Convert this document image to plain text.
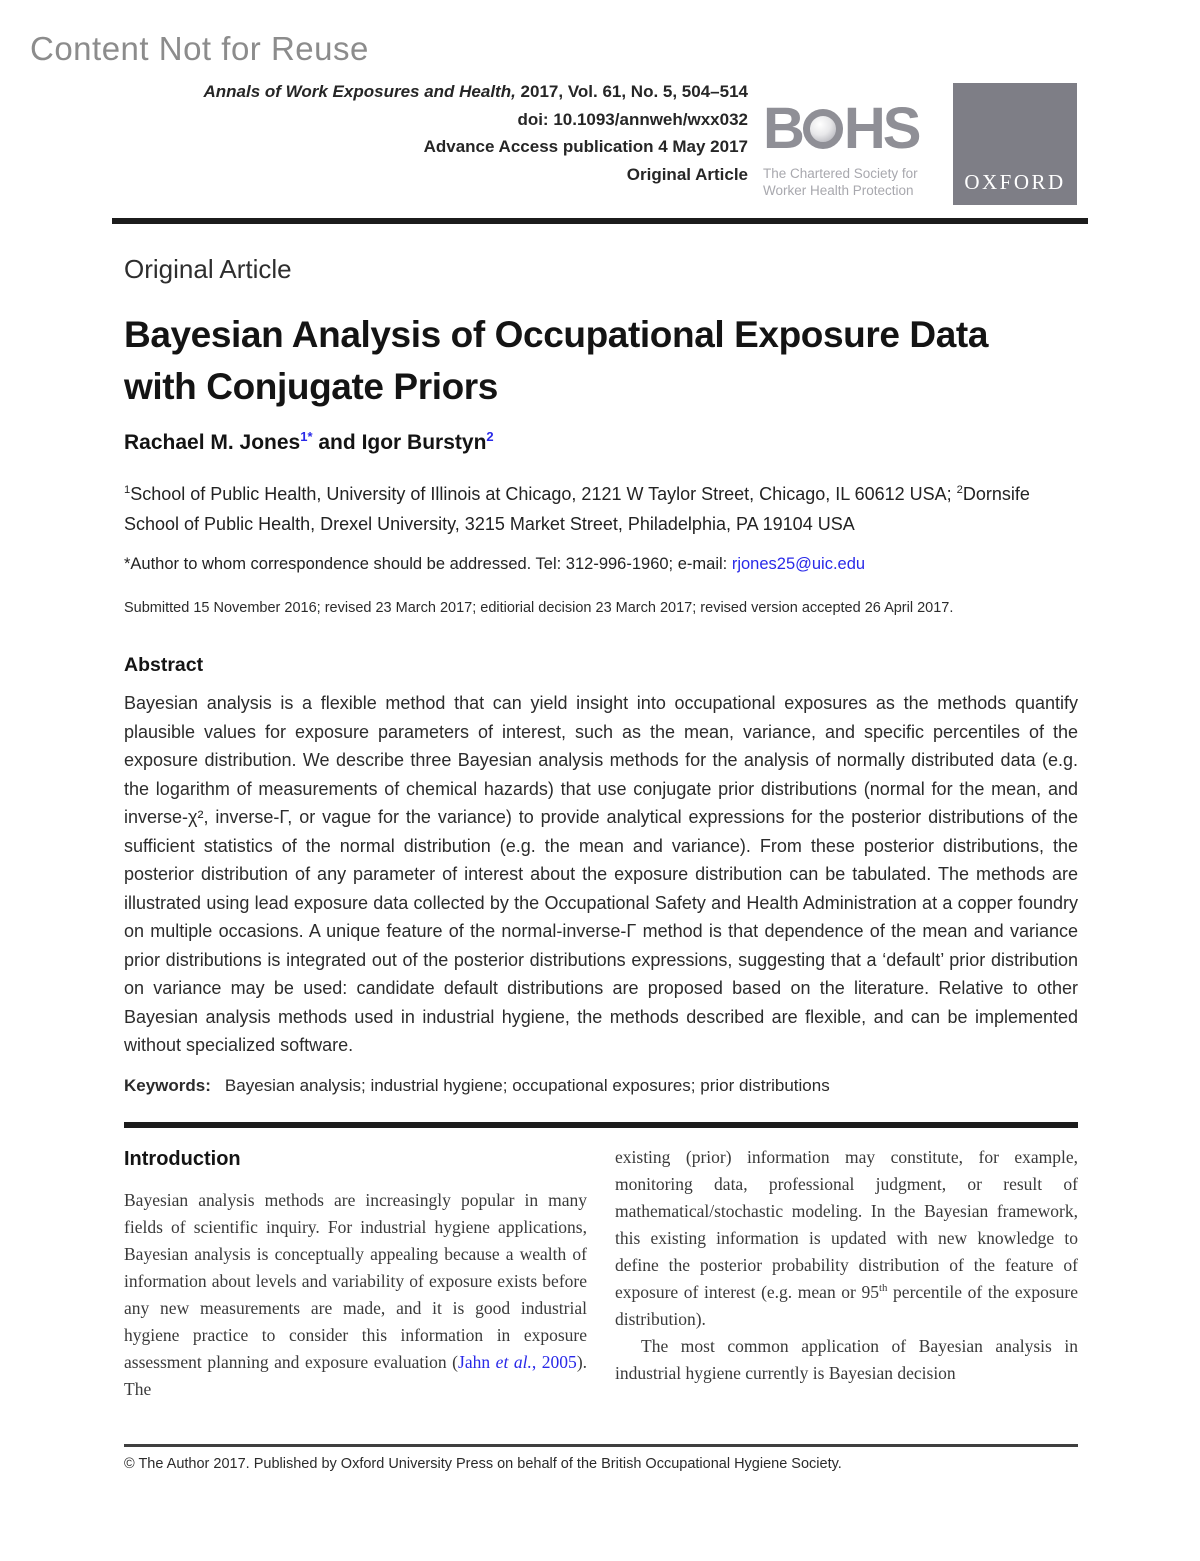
Content Not for Reuse
Annals of Work Exposures and Health, 2017, Vol. 61, No. 5, 504–514
doi: 10.1093/annweh/wxx032
Advance Access publication 4 May 2017
Original Article
B HS
The Chartered Society for
Worker Health Protection OXFORD
Original Article
Bayesian Analysis of Occupational Exposure Data
with Conjugate Priors
Rachael M. Jones$^{1*}$ and Igor Burstyn$^2$
$^1$School of Public Health, University of Illinois at Chicago, 2121 W Taylor Street, Chicago, IL 60612 USA; $^2$Dornsife School of Public Health, Drexel University, 3215 Market Street, Philadelphia, PA 19104 USA
*Author to whom correspondence should be addressed. Tel: 312-996-1960; e-mail: rjones25@uic.edu
Submitted 15 November 2016; revised 23 March 2017; editiorial decision 23 March 2017; revised version accepted 26 April 2017.
Abstract
Bayesian analysis is a flexible method that can yield insight into occupational exposures as the methods quantify plausible values for exposure parameters of interest, such as the mean, variance, and specific percentiles of the exposure distribution. We describe three Bayesian analysis methods for the analysis of normally distributed data (e.g. the logarithm of measurements of chemical hazards) that use conjugate prior distributions (normal for the mean, and inverse-χ², inverse-Γ, or vague for the variance) to provide analytical expressions for the posterior distributions of the sufficient statistics of the normal distribution (e.g. the mean and variance). From these posterior distributions, the posterior distribution of any parameter of interest about the exposure distribution can be tabulated. The methods are illustrated using lead exposure data collected by the Occupational Safety and Health Administration at a copper foundry on multiple occasions. A unique feature of the normal-inverse-Γ method is that dependence of the mean and variance prior distributions is integrated out of the posterior distributions expressions, suggesting that a ‘default’ prior distribution on variance may be used: candidate default distributions are proposed based on the literature. Relative to other Bayesian analysis methods used in industrial hygiene, the methods described are flexible, and can be implemented without specialized software.
Keywords: Bayesian analysis; industrial hygiene; occupational exposures; prior distributions
Introduction

Bayesian analysis methods are increasingly popular in many fields of scientific inquiry. For industrial hygiene applications, Bayesian analysis is conceptually appealing because a wealth of information about levels and variability of exposure exists before any new measurements are made, and it is good industrial hygiene practice to consider this information in exposure assessment planning and exposure evaluation (Jahn et al., 2005). The

existing (prior) information may constitute, for example, monitoring data, professional judgment, or result of mathematical/stochastic modeling. In the Bayesian framework, this existing information is updated with new knowledge to define the posterior probability distribution of the feature of exposure of interest (e.g. mean or 95th percentile of the exposure distribution).

The most common application of Bayesian analysis in industrial hygiene currently is Bayesian decision

© The Author 2017. Published by Oxford University Press on behalf of the British Occupational Hygiene Society.
